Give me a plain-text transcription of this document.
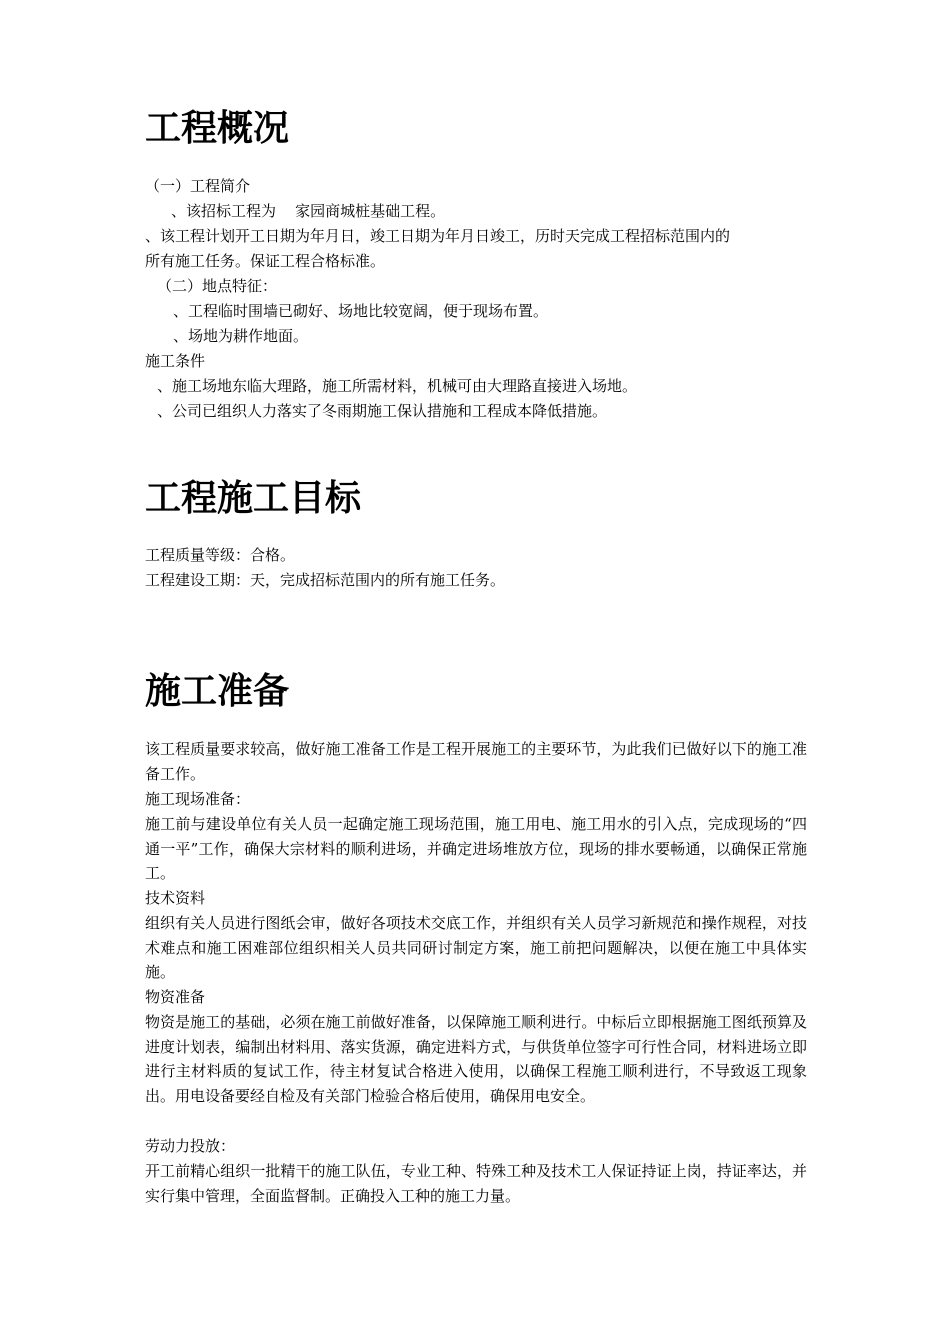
工程概况
（一）工程简介
、该招标工程为    家园商城桩基础工程。
、该工程计划开工日期为年月日，竣工日期为年月日竣工，历时天完成工程招标范围内的
所有施工任务。保证工程合格标准。
（二）地点特征：
、工程临时围墙已砌好、场地比较宽阔，便于现场布置。
、场地为耕作地面。
施工条件
、施工场地东临大理路，施工所需材料，机械可由大理路直接进入场地。
、公司已组织人力落实了冬雨期施工保认措施和工程成本降低措施。
工程施工目标
工程质量等级：合格。
工程建设工期：天，完成招标范围内的所有施工任务。
施工准备
该工程质量要求较高，做好施工准备工作是工程开展施工的主要环节，为此我们已做好以下的施工准备工作。
施工现场准备：
施工前与建设单位有关人员一起确定施工现场范围，施工用电、施工用水的引入点，完成现场的“四通一平”工作，确保大宗材料的顺利进场，并确定进场堆放方位，现场的排水要畅通，以确保正常施工。
技术资料
组织有关人员进行图纸会审，做好各项技术交底工作，并组织有关人员学习新规范和操作规程，对技术难点和施工困难部位组织相关人员共同研讨制定方案，施工前把问题解决，以便在施工中具体实施。
物资准备
物资是施工的基础，必须在施工前做好准备，以保障施工顺利进行。中标后立即根据施工图纸预算及进度计划表，编制出材料用、落实货源，确定进料方式，与供货单位签字可行性合同，材料进场立即进行主材料质的复试工作，待主材复试合格进入使用，以确保工程施工顺利进行，不导致返工现象出。用电设备要经自检及有关部门检验合格后使用，确保用电安全。
劳动力投放：
开工前精心组织一批精干的施工队伍，专业工种、特殊工种及技术工人保证持证上岗，持证率达，并实行集中管理，全面监督制。正确投入工种的施工力量。
